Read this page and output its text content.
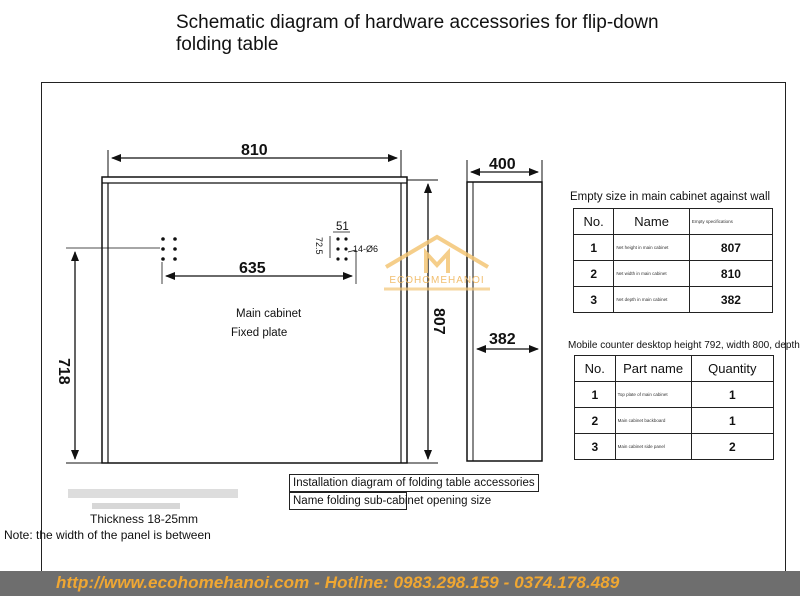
Schematic diagram of hardware accessories for flip-down folding table
810
718
807
635
51
72.5	14-Ø6
400
382
Main cabinet
Fixed plate
ECOHOMEHANOI
Empty size in main cabinet against wall
No.	Name	Empty specifications
1	Net height in main cabinet	807
2	Net width in main cabinet	810
3	Net depth in main cabinet	382
Mobile counter desktop height 792, width 800, depth
No.	Part name	Quantity
1	Top plate of main cabinet	1
2	Main cabinet backboard	1
3	Main cabinet side panel	2
Installation diagram of folding table accessories
Name folding sub-cabinet opening size
Thickness 18-25mm
Note: the width of the panel is between
http://www.ecohomehanoi.com - Hotline: 0983.298.159 - 0374.178.489
